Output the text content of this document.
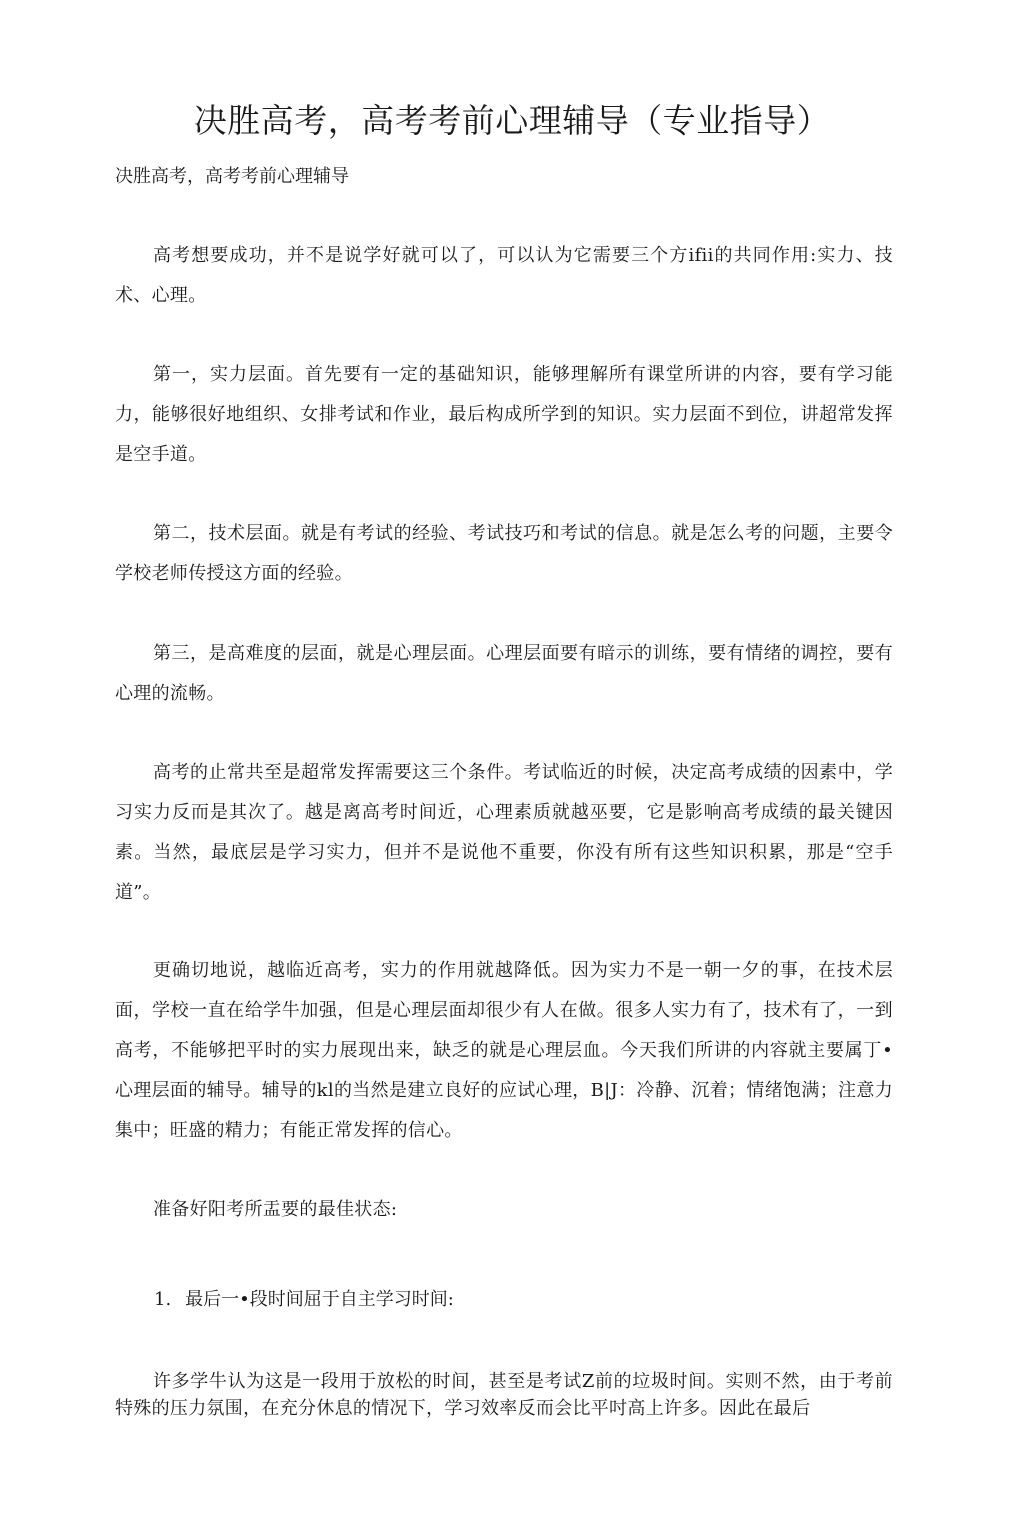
决胜高考，高考考前心理辅导（专业指导）

决胜高考，高考考前心理辅导

高考想要成功，并不是说学好就可以了，可以认为它需要三个方ifii的共同作用:实力、技术、心理。

第一，实力层面。首先要有一定的基础知识，能够理解所有课堂所讲的内容，要有学习能力，能够很好地组织、女排考试和作业，最后构成所学到的知识。实力层面不到位，讲超常发挥是空手道。

第二，技术层面。就是有考试的经验、考试技巧和考试的信息。就是怎么考的问题，主要令学校老师传授这方面的经验。

第三，是高难度的层面，就是心理层面。心理层面要有暗示的训练，要有情绪的调控，要有心理的流畅。

高考的止常共至是超常发挥需要这三个条件。考试临近的时候，决定高考成绩的因素中，学习实力反而是其次了。越是离高考时间近，心理素质就越巫要，它是影响高考成绩的最关键因素。当然，最底层是学习实力，但并不是说他不重要，你没有所有这些知识积累，那是“空手道”。

更确切地说，越临近高考，实力的作用就越降低。因为实力不是一朝一夕的事，在技术层面，学校一直在给学牛加强，但是心理层面却很少有人在做。很多人实力有了，技术有了，一到高考，不能够把平时的实力展现出来，缺乏的就是心理层血。今天我们所讲的内容就主要属丁•心理层面的辅导。辅导的kl的当然是建立良好的应试心理，B|J：冷静、沉着；情绪饱满；注意力集中；旺盛的精力；有能正常发挥的信心。

准备好阳考所盂要的最佳状态:

1. 最后一•段时间屈于自主学习时间:

许多学牛认为这是一段用于放松的时间，甚至是考试Z前的垃圾时间。实则不然，由于考前特殊的压力氛围，在充分休息的情况下，学习效率反而会比平吋高上许多。因此在最后
